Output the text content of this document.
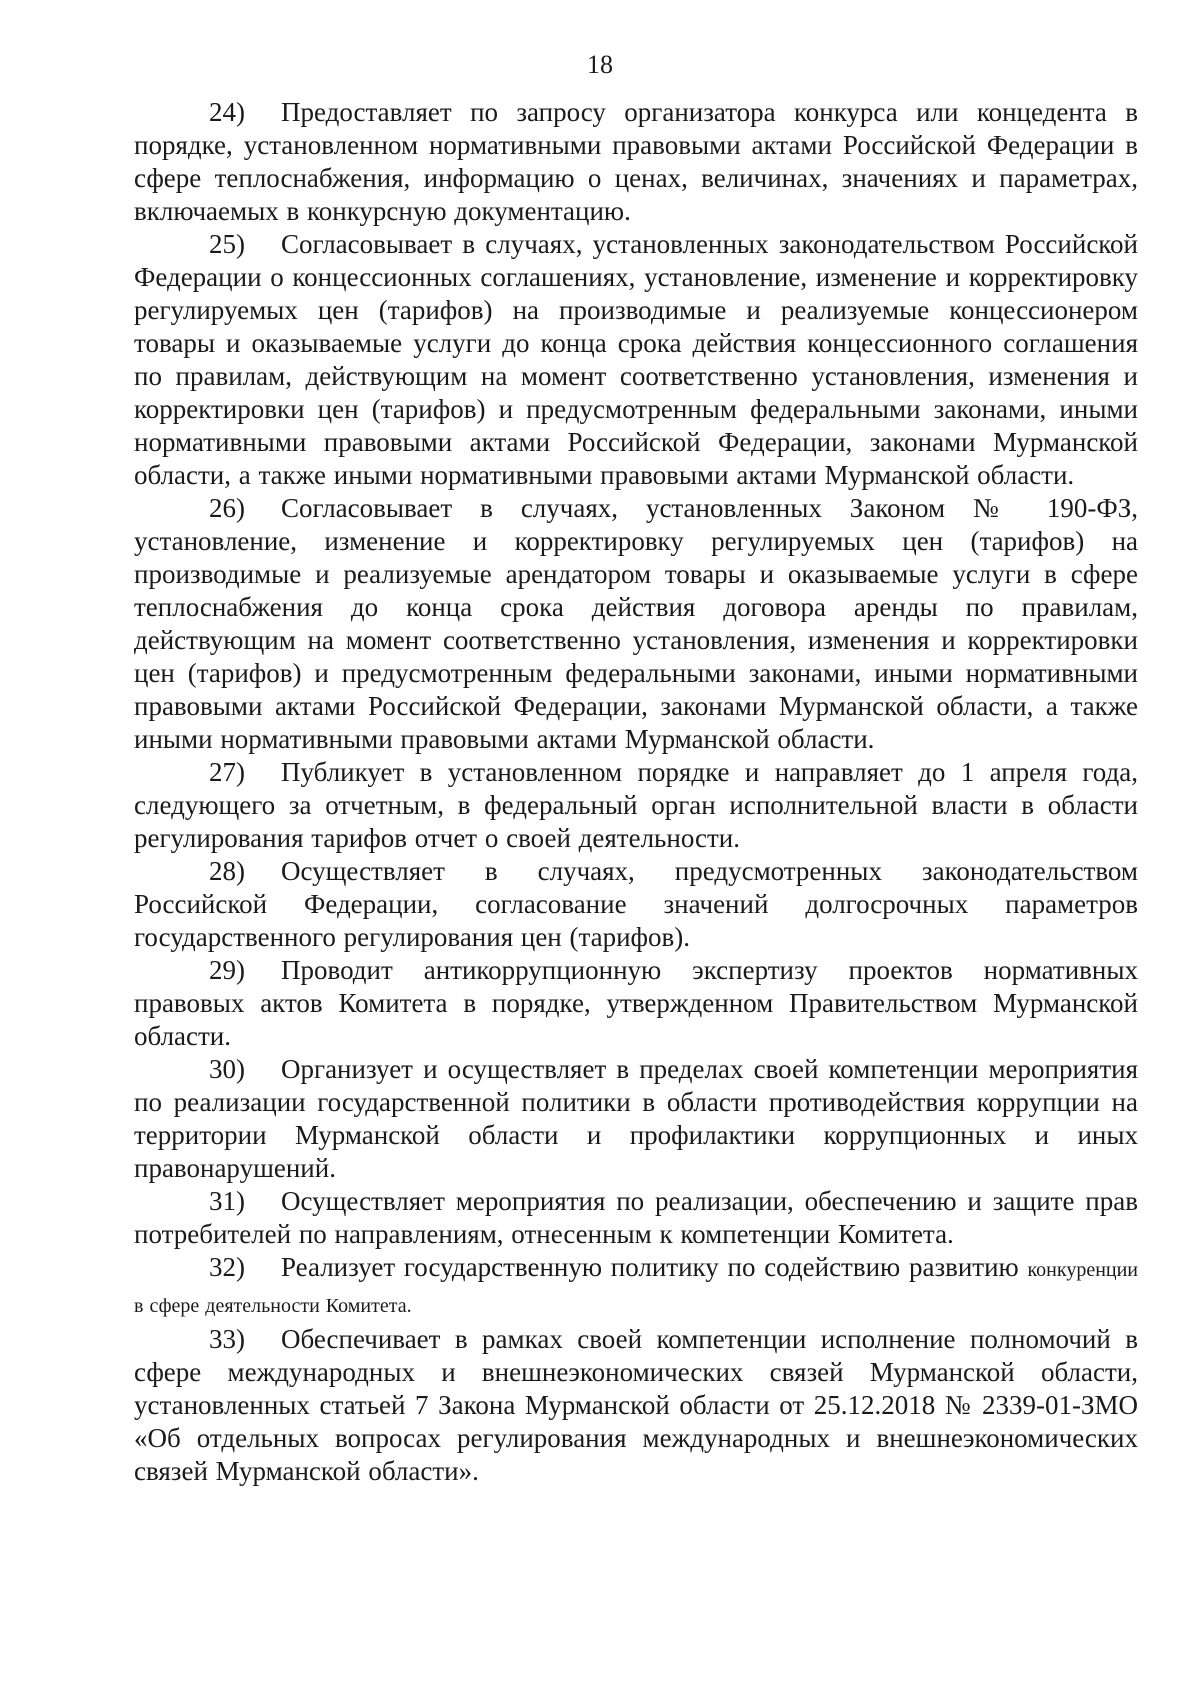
18

24) Предоставляет по запросу организатора конкурса или концедента в порядке, установленном нормативными правовыми актами Российской Федерации в сфере теплоснабжения, информацию о ценах, величинах, значениях и параметрах, включаемых в конкурсную документацию.

25) Согласовывает в случаях, установленных законодательством Российской Федерации о концессионных соглашениях, установление, изменение и корректировку регулируемых цен (тарифов) на производимые и реализуемые концессионером товары и оказываемые услуги до конца срока действия концессионного соглашения по правилам, действующим на момент соответственно установления, изменения и корректировки цен (тарифов) и предусмотренным федеральными законами, иными нормативными правовыми актами Российской Федерации, законами Мурманской области, а также иными нормативными правовыми актами Мурманской области.

26) Согласовывает в случаях, установленных Законом № 190-ФЗ, установление, изменение и корректировку регулируемых цен (тарифов) на производимые и реализуемые арендатором товары и оказываемые услуги в сфере теплоснабжения до конца срока действия договора аренды по правилам, действующим на момент соответственно установления, изменения и корректировки цен (тарифов) и предусмотренным федеральными законами, иными нормативными правовыми актами Российской Федерации, законами Мурманской области, а также иными нормативными правовыми актами Мурманской области.

27) Публикует в установленном порядке и направляет до 1 апреля года, следующего за отчетным, в федеральный орган исполнительной власти в области регулирования тарифов отчет о своей деятельности.

28) Осуществляет в случаях, предусмотренных законодательством Российской Федерации, согласование значений долгосрочных параметров государственного регулирования цен (тарифов).

29) Проводит антикоррупционную экспертизу проектов нормативных правовых актов Комитета в порядке, утвержденном Правительством Мурманской области.

30) Организует и осуществляет в пределах своей компетенции мероприятия по реализации государственной политики в области противодействия коррупции на территории Мурманской области и профилактики коррупционных и иных правонарушений.

31) Осуществляет мероприятия по реализации, обеспечению и защите прав потребителей по направлениям, отнесенным к компетенции Комитета.

32) Реализует государственную политику по содействию развитию конкуренции в сфере деятельности Комитета.

33) Обеспечивает в рамках своей компетенции исполнение полномочий в сфере международных и внешнеэкономических связей Мурманской области, установленных статьей 7 Закона Мурманской области от 25.12.2018 № 2339-01-ЗМО «Об отдельных вопросах регулирования международных и внешнеэкономических связей Мурманской области».
